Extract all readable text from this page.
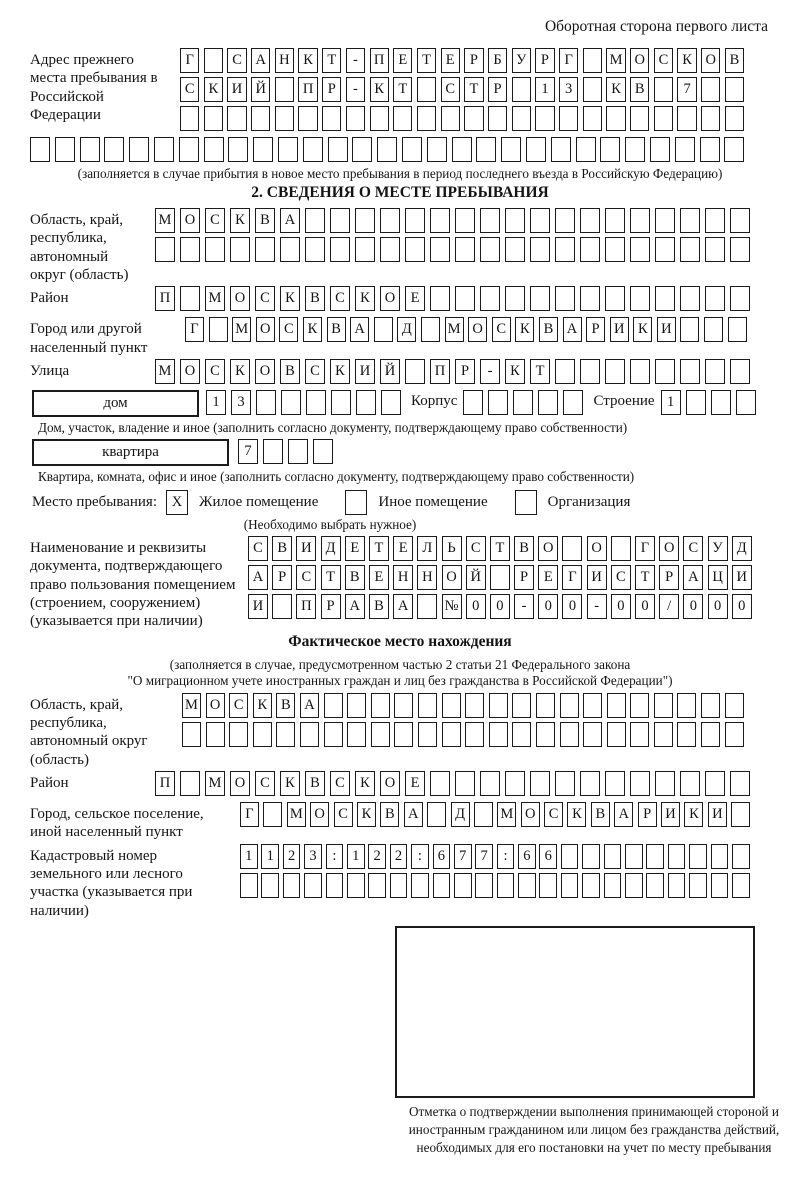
Оборотная сторона первого листа
Адрес прежнего места пребывания в Российской Федерации
Г	С А Н К Т	-	П Е	Т	Е	Р	Б У	Р	Г	М О С К О В
С К И Й	П Р	-	К Т	С Т	Р	1	3	К В	7
(заполняется в случае прибытия в новое место пребывания в период последнего въезда в Российскую Федерацию)
2. СВЕДЕНИЯ О МЕСТЕ ПРЕБЫВАНИЯ
Область, край, республика, автономный округ (область)
М О	С	К	В	А
Район	П	М О	С	К	В	С	К	О	Е
Город или другой населенный пункт
Г	М О С К В А	Д	М О С К В А Р И К И
Улица	М О	С	К	О	В	С	К	И	Й	П	Р	-	К	Т
дом	1	3	Корпус	Строение 1
Дом, участок, владение и иное (заполнить согласно документу, подтверждающему право собственности)
квартира	7
Квартира, комната, офис и иное (заполнить согласно документу, подтверждающему право собственности)
Место пребывания:	X	Жилое помещение	Иное помещение	Организация
(Необходимо выбрать нужное)
Наименование и реквизиты документа, подтверждающего право пользования помещением (строением, сооружением) (указывается при наличии)
С	В И Д	Е	Т	Е	Л	Ь	С	Т	В О	О	Г	О С У Д
А	Р	С	Т	В	Е	Н Н О Й	Р	Е	Г	И С	Т	Р	А Ц И
И	П	Р	А В А	№ 0	0	-	0	0	-	0	0	/	0	0	0
Фактическое место нахождения
(заполняется в случае, предусмотренном частью 2 статьи 21 Федерального закона
"О миграционном учете иностранных граждан и лиц без гражданства в Российской Федерации")
Область, край, республика, автономный округ (область)
М О С К В А
Район	П	М О	С	К	В	С	К	О	Е
Город, сельское поселение, иной населенный пункт
Г	М О С К В А	Д	М О С К В А Р И К И
Кадастровый номер земельного или лесного участка (указывается при наличии)
1 1 2 3	:	1 2 2	:	6 7 7	:	6 6
Отметка о подтверждении выполнения принимающей стороной и иностранным гражданином или лицом без гражданства действий, необходимых для его постановки на учет по месту пребывания
